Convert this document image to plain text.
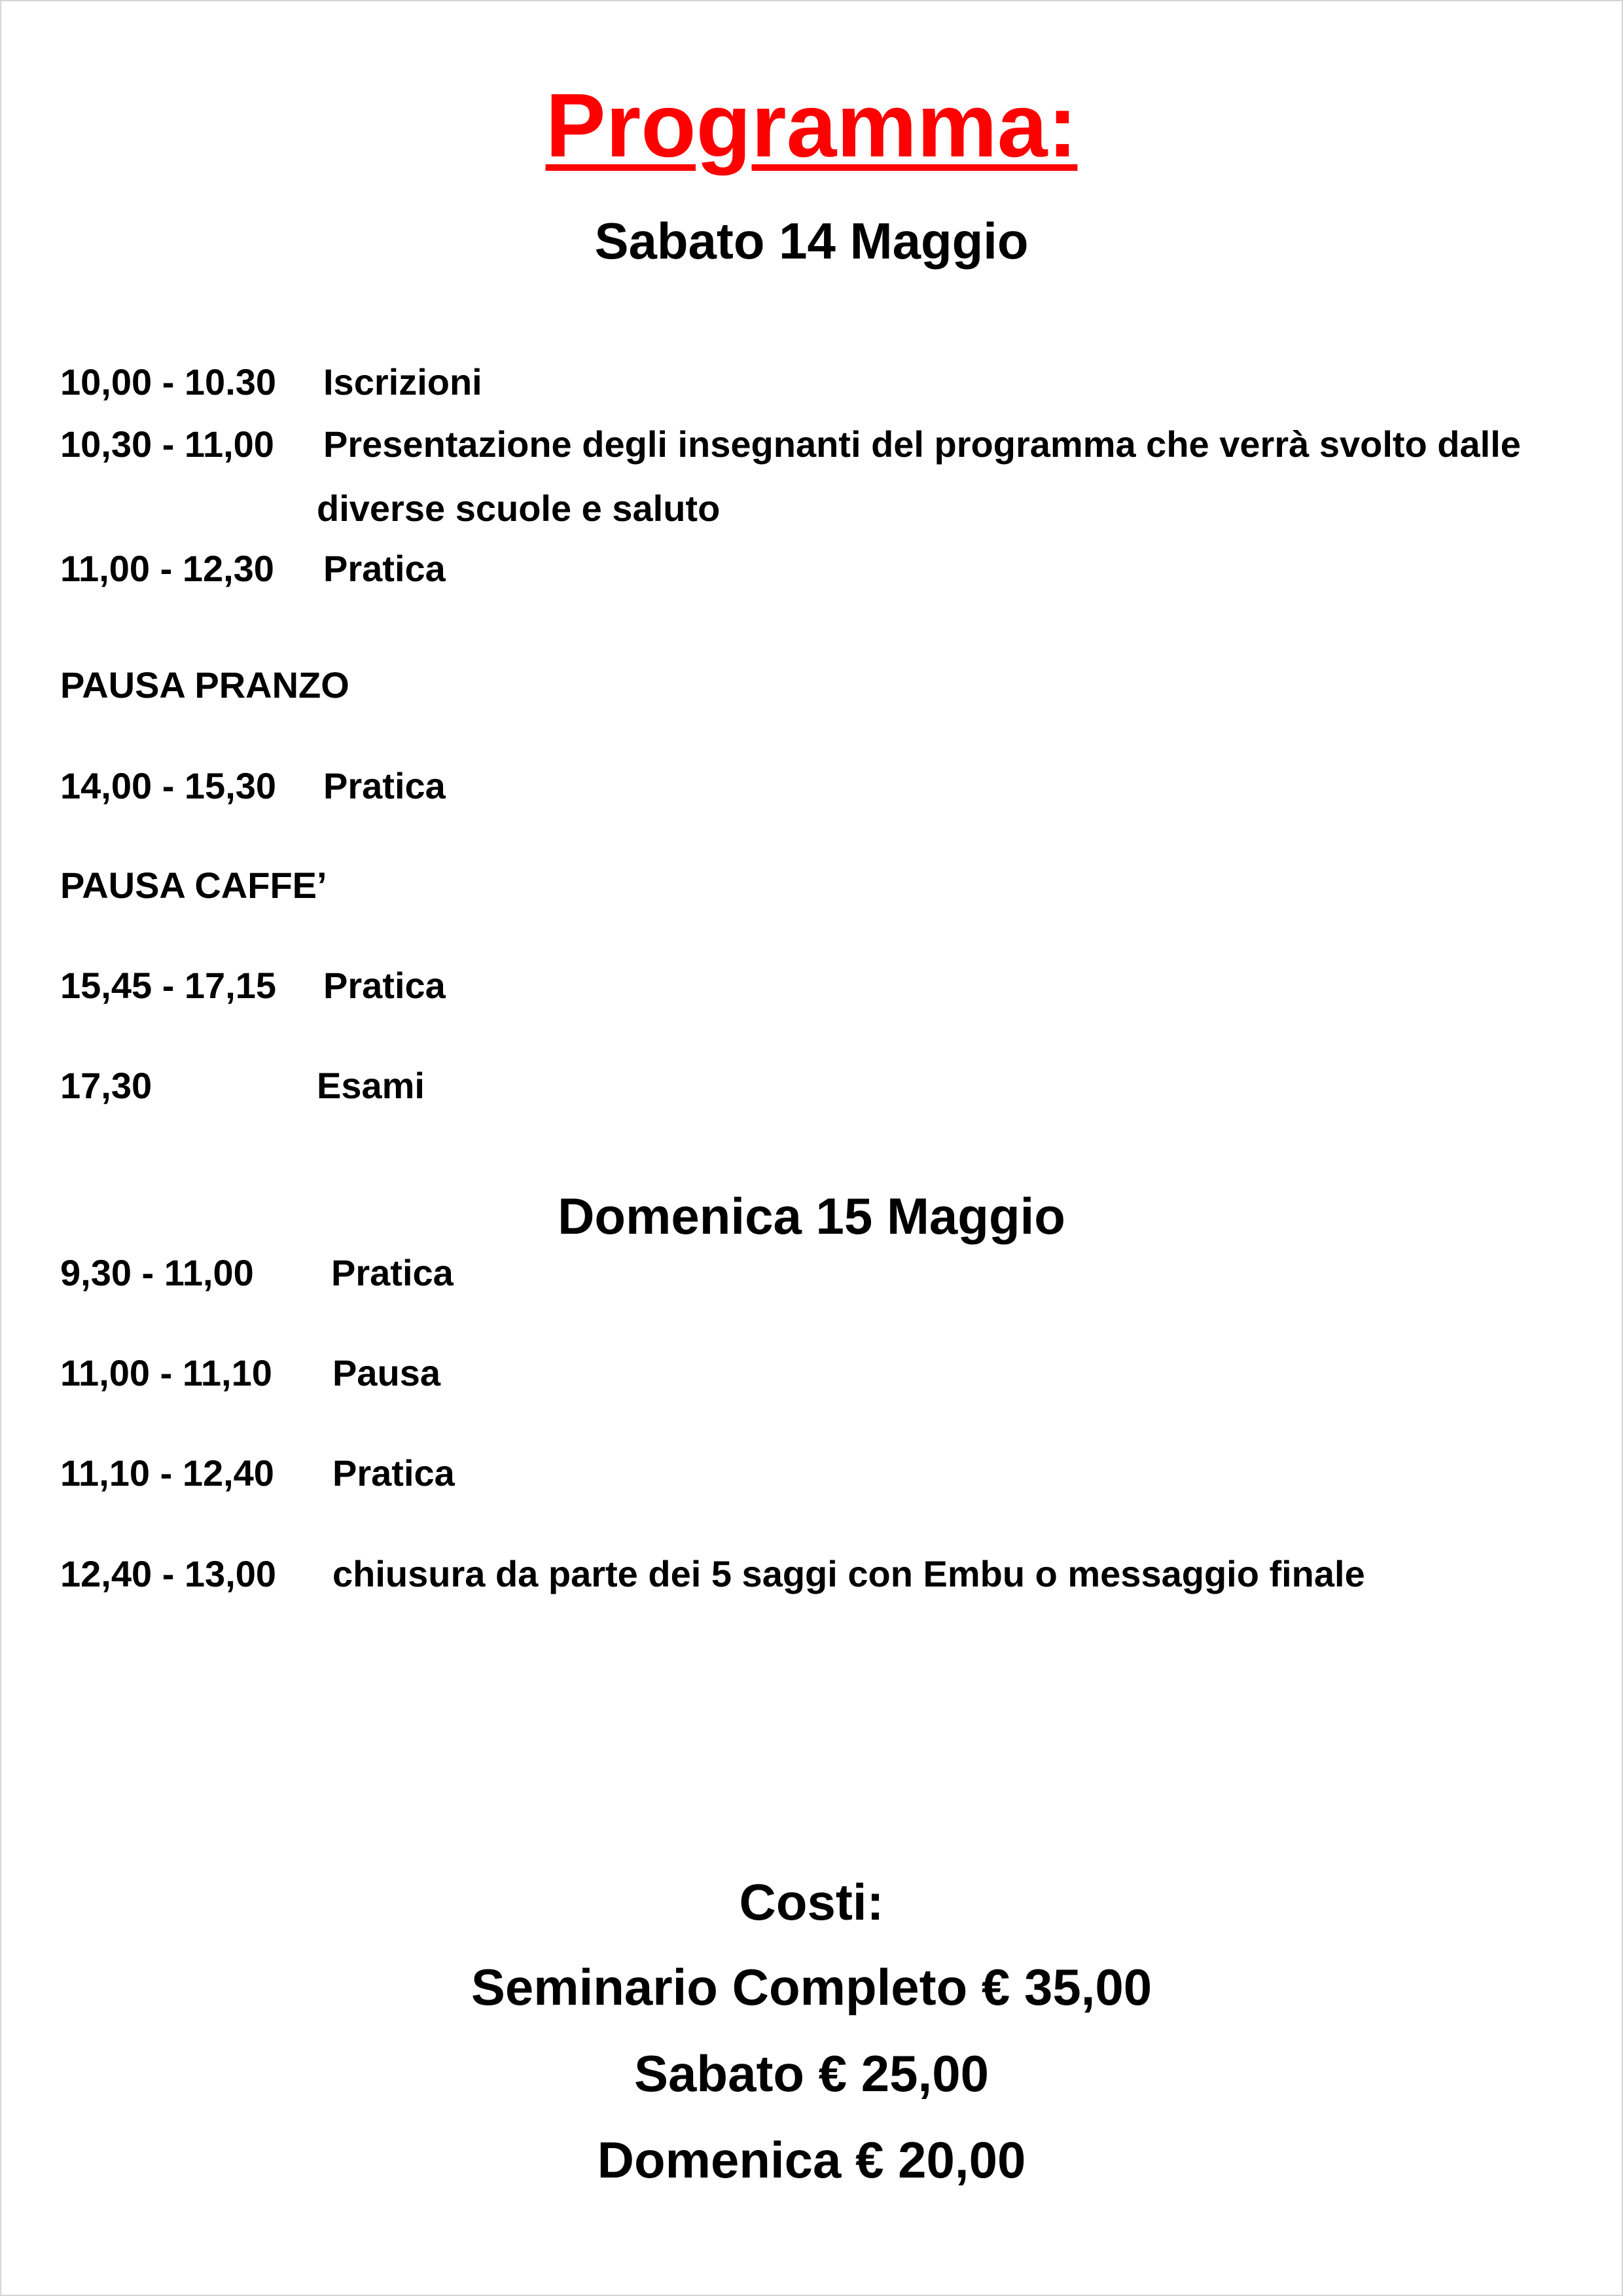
Programma:
Sabato 14 Maggio
10,00 - 10.30 Iscrizioni
10,30 - 11,00 Presentazione degli insegnanti del programma che verrà svolto dalle
diverse scuole e saluto
11,00 - 12,30 Pratica
PAUSA PRANZO
14,00 - 15,30 Pratica
PAUSA CAFFE’
15,45 - 17,15 Pratica
17,30	Esami
Domenica 15 Maggio
9,30 - 11,00 Pratica
11,00 - 11,10 Pausa
11,10 - 12,40 Pratica
12,40 - 13,00 chiusura da parte dei 5 saggi con Embu o messaggio finale
Costi:
Seminario Completo € 35,00
Sabato € 25,00
Domenica € 20,00
